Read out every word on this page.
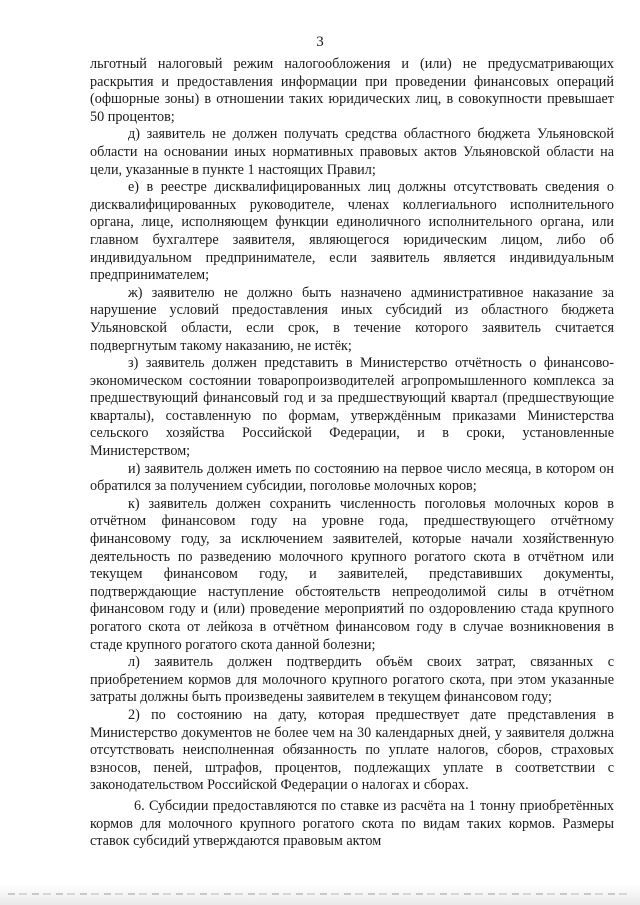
3

льготный налоговый режим налогообложения и (или) не предусматривающих раскрытия и предоставления информации при проведении финансовых операций (офшорные зоны) в отношении таких юридических лиц, в совокупности превышает 50 процентов;

д) заявитель не должен получать средства областного бюджета Ульяновской области на основании иных нормативных правовых актов Ульяновской области на цели, указанные в пункте 1 настоящих Правил;

е) в реестре дисквалифицированных лиц должны отсутствовать сведения о дисквалифицированных руководителе, членах коллегиального исполнительного органа, лице, исполняющем функции единоличного исполнительного органа, или главном бухгалтере заявителя, являющегося юридическим лицом, либо об индивидуальном предпринимателе, если заявитель является индивидуальным предпринимателем;

ж) заявителю не должно быть назначено административное наказание за нарушение условий предоставления иных субсидий из областного бюджета Ульяновской области, если срок, в течение которого заявитель считается подвергнутым такому наказанию, не истёк;

з) заявитель должен представить в Министерство отчётность о финансово-экономическом состоянии товаропроизводителей агропромышленного комплекса за предшествующий финансовый год и за предшествующий квартал (предшествующие кварталы), составленную по формам, утверждённым приказами Министерства сельского хозяйства Российской Федерации, и в сроки, установленные Министерством;

и) заявитель должен иметь по состоянию на первое число месяца, в котором он обратился за получением субсидии, поголовье молочных коров;

к) заявитель должен сохранить численность поголовья молочных коров в отчётном финансовом году на уровне года, предшествующего отчётному финансовому году, за исключением заявителей, которые начали хозяйственную деятельность по разведению молочного крупного рогатого скота в отчётном или текущем финансовом году, и заявителей, представивших документы, подтверждающие наступление обстоятельств непреодолимой силы в отчётном финансовом году и (или) проведение мероприятий по оздоровлению стада крупного рогатого скота от лейкоза в отчётном финансовом году в случае возникновения в стаде крупного рогатого скота данной болезни;

л) заявитель должен подтвердить объём своих затрат, связанных с приобретением кормов для молочного крупного рогатого скота, при этом указанные затраты должны быть произведены заявителем в текущем финансовом году;

2) по состоянию на дату, которая предшествует дате представления в Министерство документов не более чем на 30 календарных дней, у заявителя должна отсутствовать неисполненная обязанность по уплате налогов, сборов, страховых взносов, пеней, штрафов, процентов, подлежащих уплате в соответствии с законодательством Российской Федерации о налогах и сборах.

6. Субсидии предоставляются по ставке из расчёта на 1 тонну приобретённых кормов для молочного крупного рогатого скота по видам таких кормов. Размеры ставок субсидий утверждаются правовым актом
